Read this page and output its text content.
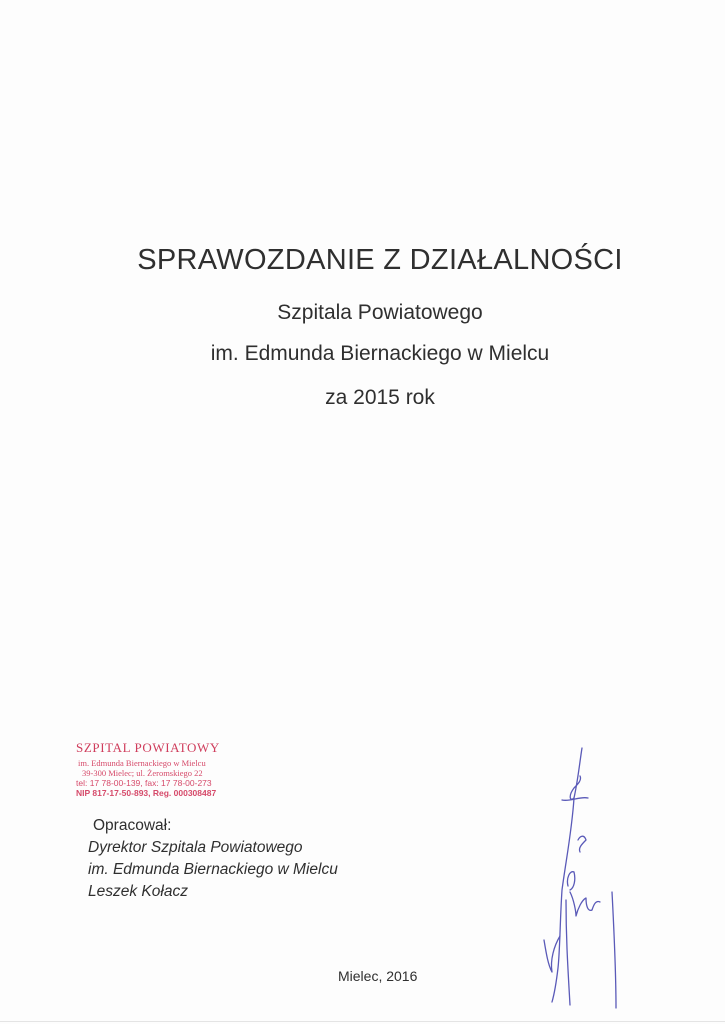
SPRAWOZDANIE Z DZIAŁALNOŚCI
Szpitala Powiatowego
im. Edmunda Biernackiego w Mielcu
za 2015 rok
SZPITAL POWIATOWY
im. Edmunda Biernackiego w Mielcu
39-300 Mielec; ul. Żeromskiego 22
tel: 17 78-00-139, fax: 17 78-00-273
NIP 817-17-50-893, Reg. 000308487
Opracował:
Dyrektor Szpitala Powiatowego
im. Edmunda Biernackiego w Mielcu
Leszek Kołacz
Mielec, 2016
